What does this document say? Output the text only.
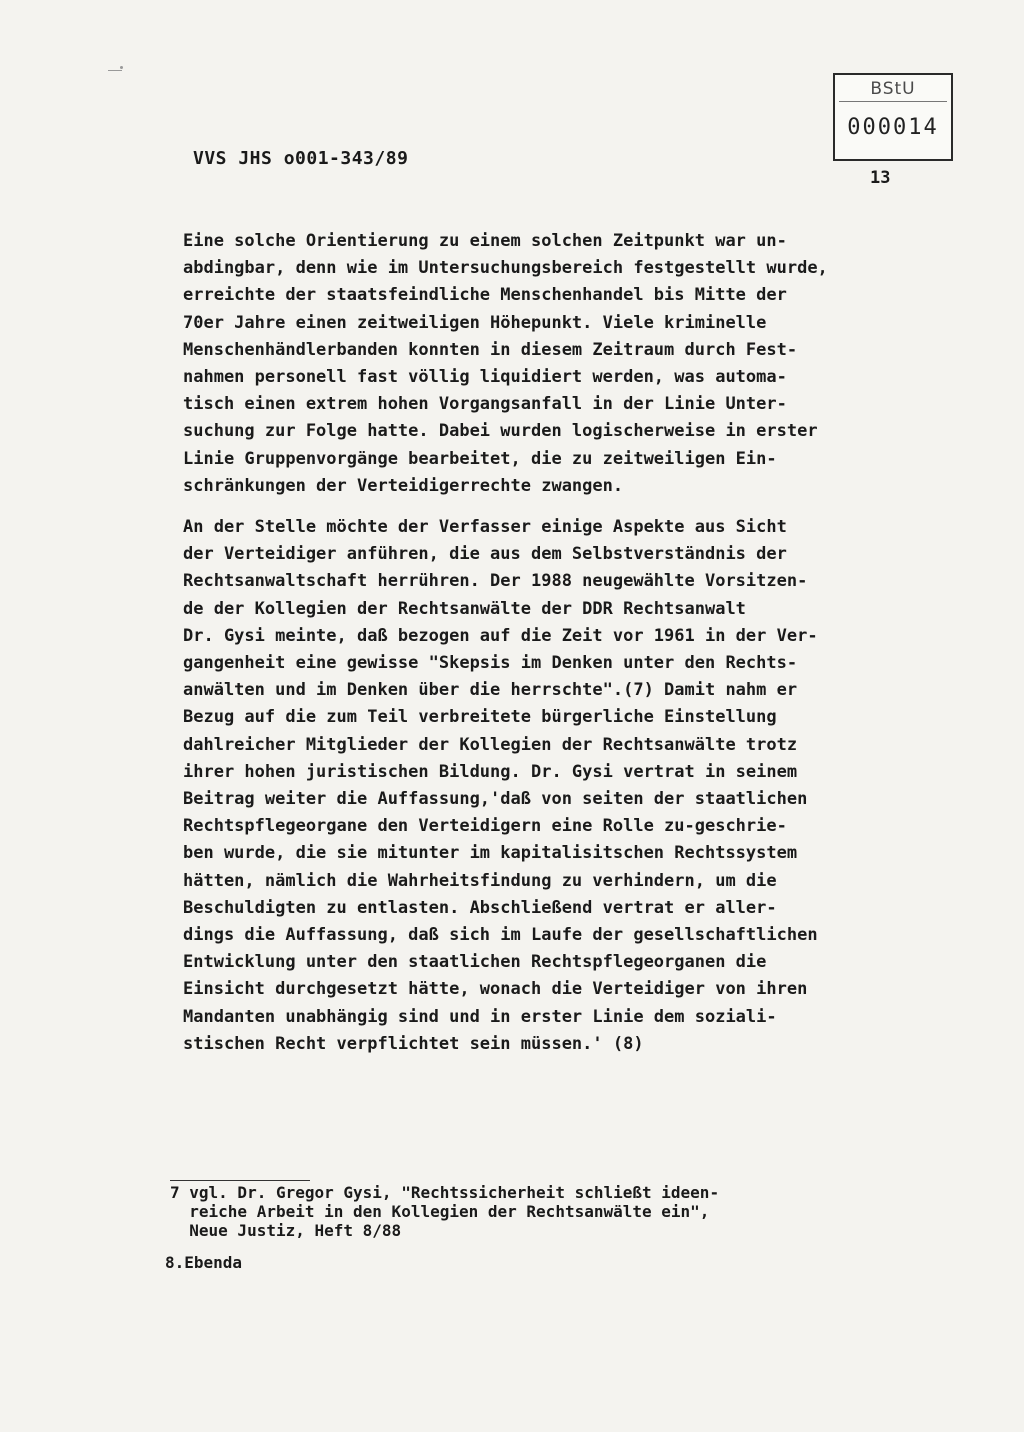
VVS JHS o001-343/89
BStU
000014
13
Eine solche Orientierung zu einem solchen Zeitpunkt war un-
abdingbar, denn wie im Untersuchungsbereich festgestellt wurde,
erreichte der staatsfeindliche Menschenhandel bis Mitte der
70er Jahre einen zeitweiligen Höhepunkt. Viele kriminelle
Menschenhändlerbanden konnten in diesem Zeitraum durch Fest-
nahmen personell fast völlig liquidiert werden, was automa-
tisch einen extrem hohen Vorgangsanfall in der Linie Unter-
suchung zur Folge hatte. Dabei wurden logischerweise in erster
Linie Gruppenvorgänge bearbeitet, die zu zeitweiligen Ein-
schränkungen der Verteidigerrechte zwangen.
An der Stelle möchte der Verfasser einige Aspekte aus Sicht
der Verteidiger anführen, die aus dem Selbstverständnis der
Rechtsanwaltschaft herrühren. Der 1988 neugewählte Vorsitzen-
de der Kollegien der Rechtsanwälte der DDR Rechtsanwalt
Dr. Gysi meinte, daß bezogen auf die Zeit vor 1961 in der Ver-
gangenheit eine gewisse "Skepsis im Denken unter den Rechts-
anwälten und im Denken über die herrschte".(7) Damit nahm er
Bezug auf die zum Teil verbreitete bürgerliche Einstellung
dahlreicher Mitglieder der Kollegien der Rechtsanwälte trotz
ihrer hohen juristischen Bildung. Dr. Gysi vertrat in seinem
Beitrag weiter die Auffassung,'daß von seiten der staatlichen
Rechtspflegeorgane den Verteidigern eine Rolle zu-geschrie-
ben wurde, die sie mitunter im kapitalisitschen Rechtssystem
hätten, nämlich die Wahrheitsfindung zu verhindern, um die
Beschuldigten zu entlasten. Abschließend vertrat er aller-
dings die Auffassung, daß sich im Laufe der gesellschaftlichen
Entwicklung unter den staatlichen Rechtspflegeorganen die
Einsicht durchgesetzt hätte, wonach die Verteidiger von ihren
Mandanten unabhängig sind und in erster Linie dem soziali-
stischen Recht verpflichtet sein müssen.' (8)
7 vgl. Dr. Gregor Gysi, "Rechtssicherheit schließt ideen-
reiche Arbeit in den Kollegien der Rechtsanwälte ein",
Neue Justiz, Heft 8/88
8.Ebenda
